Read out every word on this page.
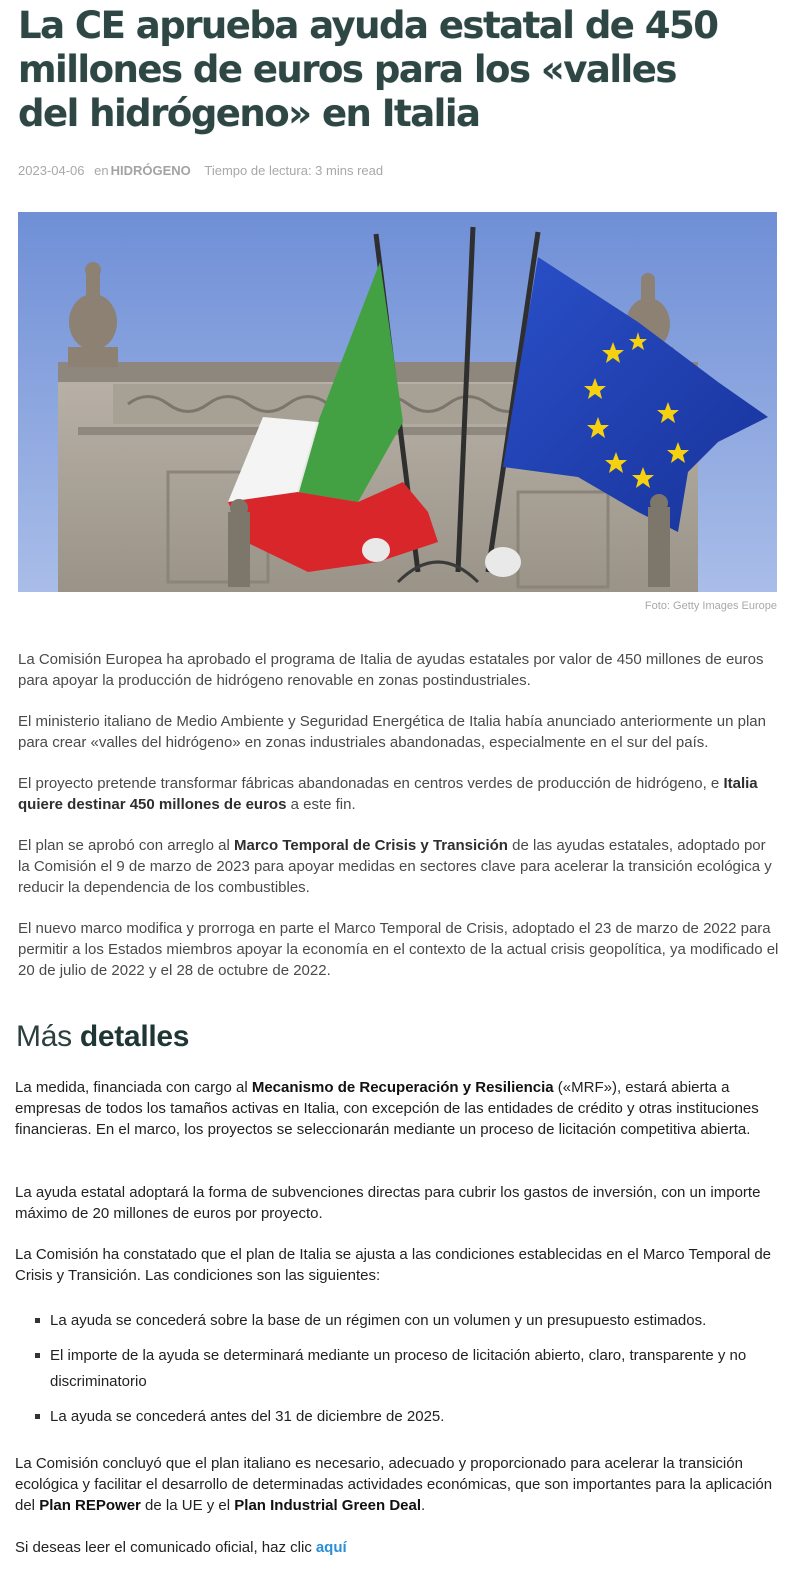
La CE aprueba ayuda estatal de 450 millones de euros para los «valles del hidrógeno» en Italia
2023-04-06 en HIDRÓGENO Tiempo de lectura: 3 mins read
Foto: Getty Images Europe

La Comisión Europea ha aprobado el programa de Italia de ayudas estatales por valor de 450 millones de euros para apoyar la producción de hidrógeno renovable en zonas postindustriales.

El ministerio italiano de Medio Ambiente y Seguridad Energética de Italia había anunciado anteriormente un plan para crear «valles del hidrógeno» en zonas industriales abandonadas, especialmente en el sur del país.

El proyecto pretende transformar fábricas abandonadas en centros verdes de producción de hidrógeno, e Italia quiere destinar 450 millones de euros a este fin.

El plan se aprobó con arreglo al Marco Temporal de Crisis y Transición de las ayudas estatales, adoptado por la Comisión el 9 de marzo de 2023 para apoyar medidas en sectores clave para acelerar la transición ecológica y reducir la dependencia de los combustibles.

El nuevo marco modifica y prorroga en parte el Marco Temporal de Crisis, adoptado el 23 de marzo de 2022 para permitir a los Estados miembros apoyar la economía en el contexto de la actual crisis geopolítica, ya modificado el 20 de julio de 2022 y el 28 de octubre de 2022.

Más detalles

La medida, financiada con cargo al Mecanismo de Recuperación y Resiliencia («MRF»), estará abierta a empresas de todos los tamaños activas en Italia, con excepción de las entidades de crédito y otras instituciones financieras. En el marco, los proyectos se seleccionarán mediante un proceso de licitación competitiva abierta.

La ayuda estatal adoptará la forma de subvenciones directas para cubrir los gastos de inversión, con un importe máximo de 20 millones de euros por proyecto.

La Comisión ha constatado que el plan de Italia se ajusta a las condiciones establecidas en el Marco Temporal de Crisis y Transición. Las condiciones son las siguientes:

La ayuda se concederá sobre la base de un régimen con un volumen y un presupuesto estimados.
El importe de la ayuda se determinará mediante un proceso de licitación abierto, claro, transparente y no discriminatorio
La ayuda se concederá antes del 31 de diciembre de 2025.

La Comisión concluyó que el plan italiano es necesario, adecuado y proporcionado para acelerar la transición ecológica y facilitar el desarrollo de determinadas actividades económicas, que son importantes para la aplicación del Plan REPower de la UE y el Plan Industrial Green Deal.

Si deseas leer el comunicado oficial, haz clic aquí
